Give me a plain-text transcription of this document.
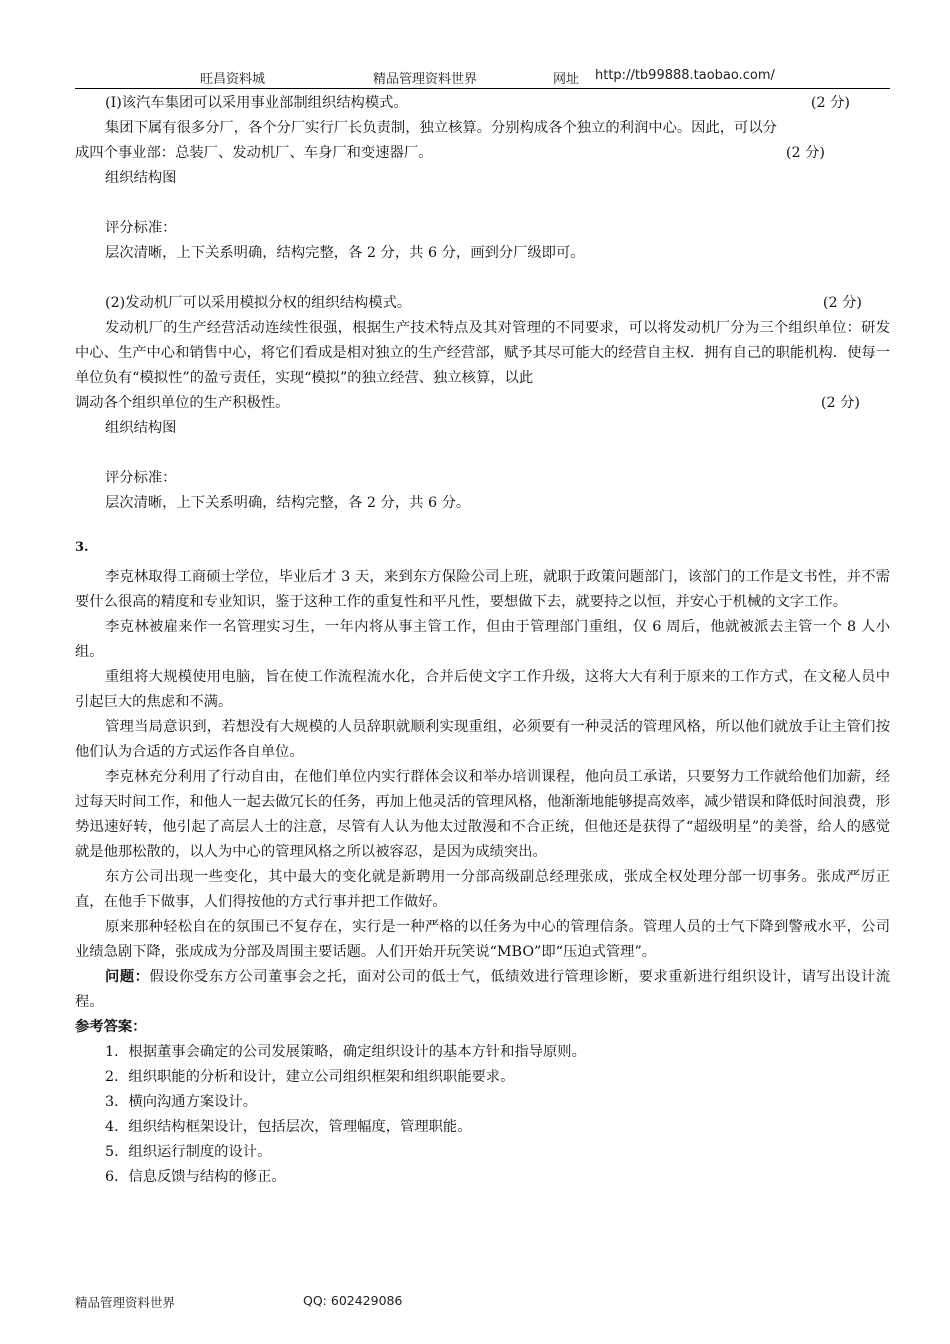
旺昌资料城	精品管理资料世界	网址 http://tb99888.taobao.com/
(I)该汽车集团可以采用事业部制组织结构模式。	(2 分)

集团下属有很多分厂，各个分厂实行厂长负责制，独立核算。分别构成各个独立的利润中心。因此，可以分

成四个事业部：总装厂、发动机厂、车身厂和变速器厂。	(2 分)

组织结构图

评分标准：

层次清晰，上下关系明确，结构完整，各 2 分，共 6 分，画到分厂级即可。

(2)发动机厂可以采用模拟分权的组织结构模式。	(2 分)

发动机厂的生产经营活动连续性很强，根据生产技术特点及其对管理的不同要求，可以将发动机厂分为三个组织单位：研发中心、生产中心和销售中心，将它们看成是相对独立的生产经营部，赋予其尽可能大的经营自主权．拥有自己的职能机构．使每一单位负有“模拟性”的盈亏责任，实现“模拟”的独立经营、独立核算，以此

调动各个组织单位的生产积极性。	(2 分)

组织结构图

评分标准：

层次清晰，上下关系明确，结构完整，各 2 分，共 6 分。

3.

李克林取得工商硕士学位，毕业后才 3 天，来到东方保险公司上班，就职于政策问题部门，该部门的工作是文书性，并不需要什么很高的精度和专业知识，鉴于这种工作的重复性和平凡性，要想做下去，就要持之以恒，并安心于机械的文字工作。

李克林被雇来作一名管理实习生，一年内将从事主管工作，但由于管理部门重组，仅 6 周后，他就被派去主管一个 8 人小组。

重组将大规模使用电脑，旨在使工作流程流水化，合并后使文字工作升级，这将大大有利于原来的工作方式，在文秘人员中引起巨大的焦虑和不满。

管理当局意识到，若想没有大规模的人员辞职就顺利实现重组，必须要有一种灵活的管理风格，所以他们就放手让主管们按他们认为合适的方式运作各自单位。

李克林充分利用了行动自由，在他们单位内实行群体会议和举办培训课程，他向员工承诺，只要努力工作就给他们加薪，经过每天时间工作，和他人一起去做冗长的任务，再加上他灵活的管理风格，他渐渐地能够提高效率，减少错误和降低时间浪费，形势迅速好转，他引起了高层人士的注意，尽管有人认为他太过散漫和不合正统，但他还是获得了“超级明星”的美誉，给人的感觉就是他那松散的，以人为中心的管理风格之所以被容忍，是因为成绩突出。

东方公司出现一些变化，其中最大的变化就是新聘用一分部高级副总经理张成，张成全权处理分部一切事务。张成严厉正直，在他手下做事，人们得按他的方式行事并把工作做好。

原来那种轻松自在的氛围已不复存在，实行是一种严格的以任务为中心的管理信条。管理人员的士气下降到警戒水平，公司业绩急剧下降，张成成为分部及周围主要话题。人们开始开玩笑说“MBO”即“压迫式管理”。

问题：假设你受东方公司董事会之托，面对公司的低士气，低绩效进行管理诊断，要求重新进行组织设计，请写出设计流程。

参考答案：

1．根据董事会确定的公司发展策略，确定组织设计的基本方针和指导原则。

2．组织职能的分析和设计，建立公司组织框架和组织职能要求。

3．横向沟通方案设计。

4．组织结构框架设计，包括层次，管理幅度，管理职能。

5．组织运行制度的设计。

6．信息反馈与结构的修正。

精品管理资料世界	QQ: 602429086
